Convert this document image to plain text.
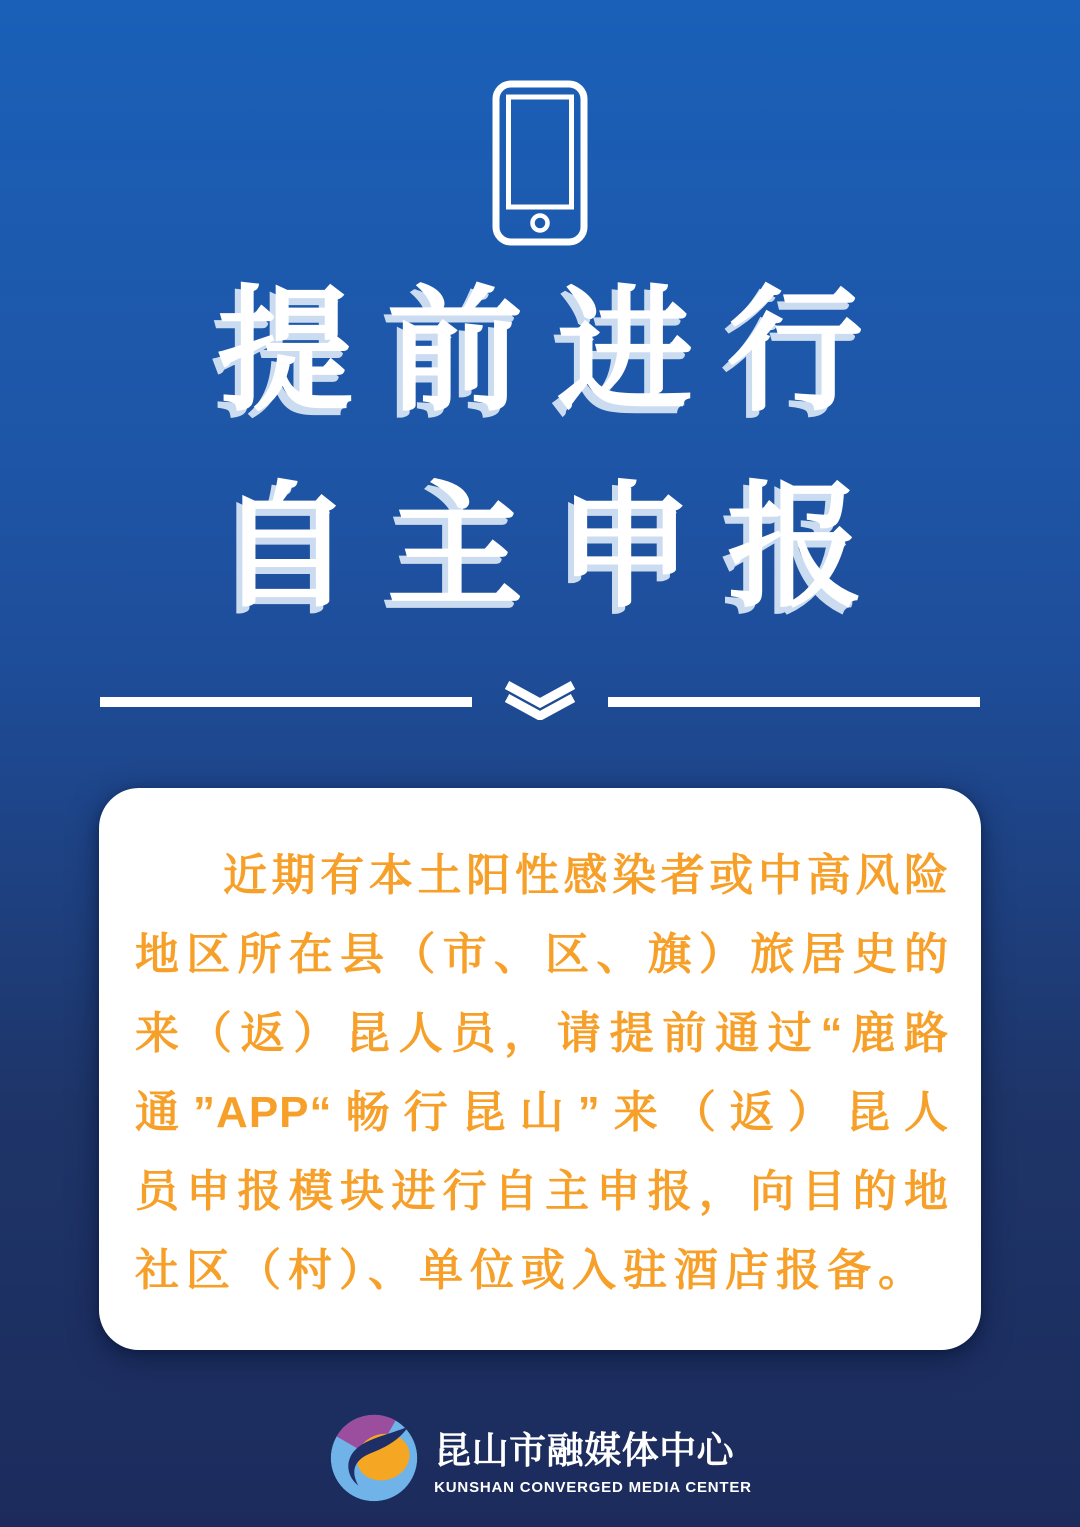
提前进行
自主申报
近期有本土阳性感染者或中高风险
地区所在县（市、区、旗）旅居史的
来（返）昆人员，请提前通过“鹿路
通”APP“畅行昆山”来（返）昆人
员申报模块进行自主申报，向目的地
社区（村）、单位或入驻酒店报备。
昆山市融媒体中心
KUNSHAN CONVERGED MEDIA CENTER
